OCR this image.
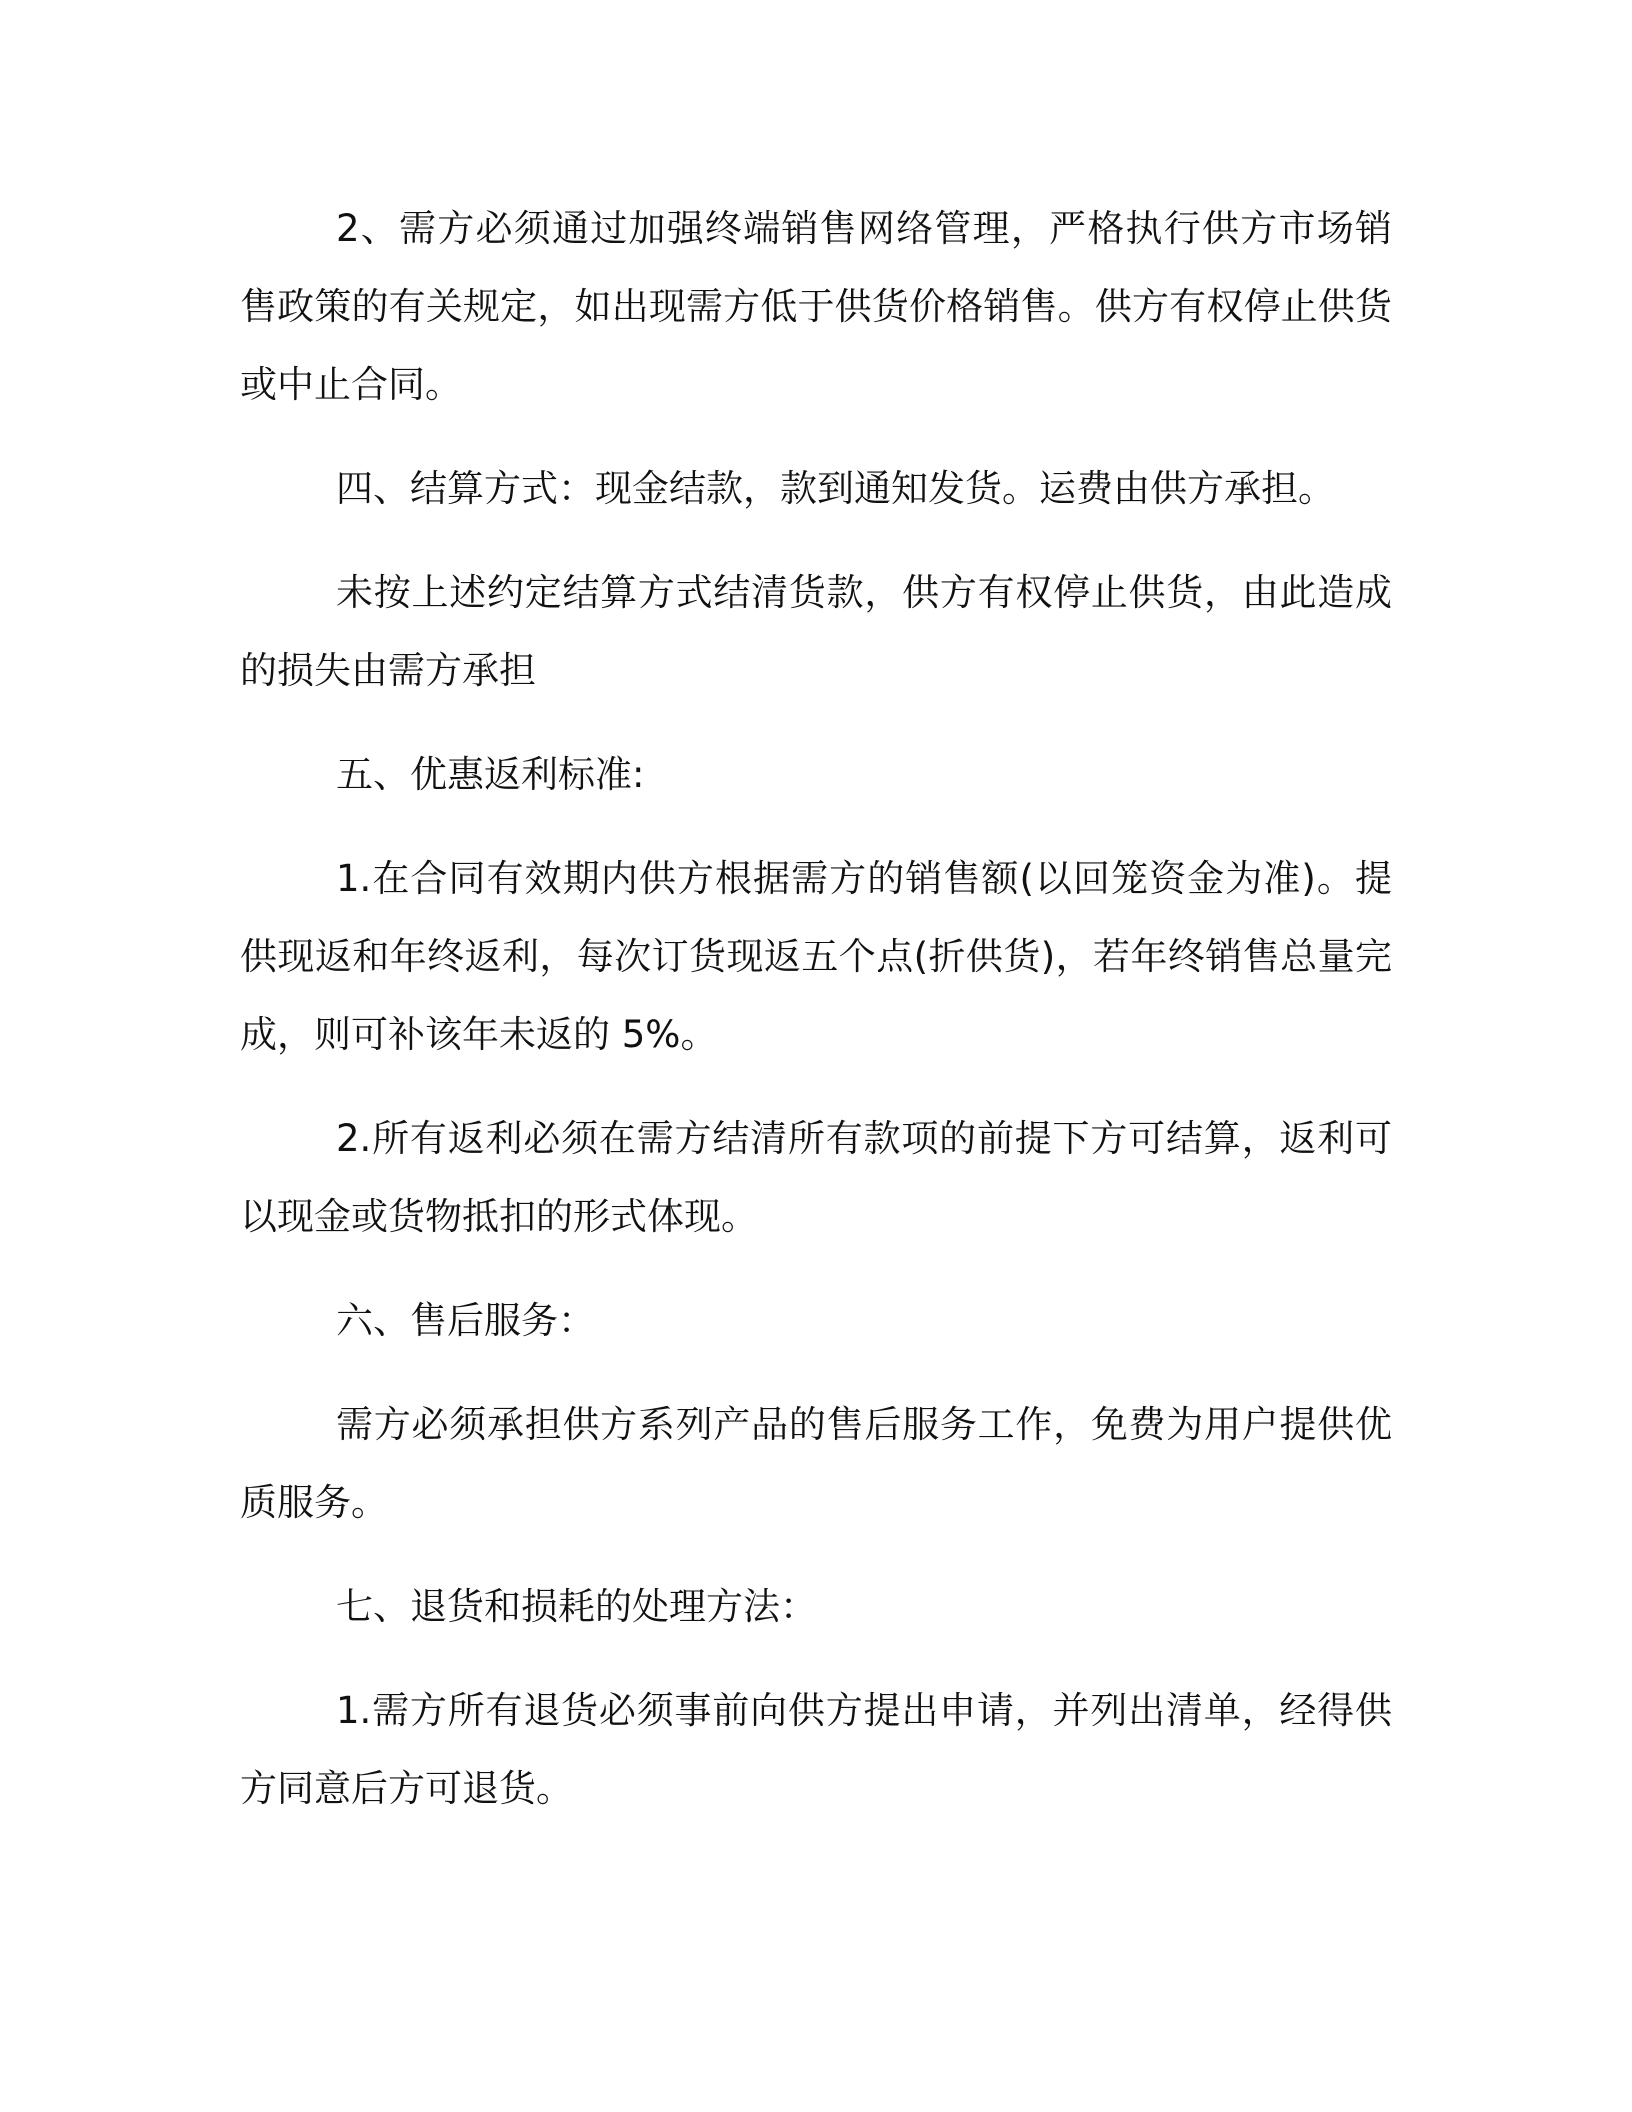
2、需方必须通过加强终端销售网络管理，严格执行供方市场销售政策的有关规定，如出现需方低于供货价格销售。供方有权停止供货或中止合同。

四、结算方式：现金结款，款到通知发货。运费由供方承担。

未按上述约定结算方式结清货款，供方有权停止供货，由此造成的损失由需方承担

五、优惠返利标准:

1.在合同有效期内供方根据需方的销售额(以回笼资金为准)。提供现返和年终返利，每次订货现返五个点(折供货)，若年终销售总量完成，则可补该年未返的 5%。

2.所有返利必须在需方结清所有款项的前提下方可结算，返利可以现金或货物抵扣的形式体现。

六、售后服务：

需方必须承担供方系列产品的售后服务工作，免费为用户提供优质服务。

七、退货和损耗的处理方法：

1.需方所有退货必须事前向供方提出申请，并列出清单，经得供方同意后方可退货。
